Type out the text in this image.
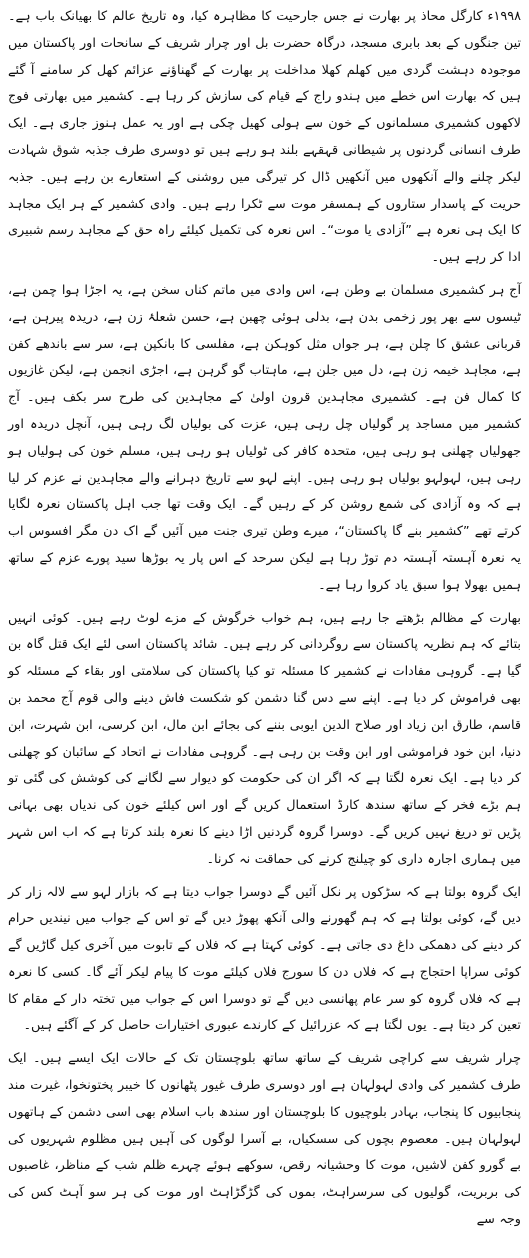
۱۹۹۸ء کارگل محاذ پر بھارت نے جس جارحیت کا مظاہرہ کیا، وہ تاریخ عالم کا بھیانک باب ہے۔ تین جنگوں کے بعد بابری مسجد، درگاہ حضرت بل اور چرار شریف کے سانحات اور پاکستان میں موجودہ دہشت گردی میں کھلم کھلا مداخلت پر بھارت کے گھناؤنے عزائم کھل کر سامنے آ گئے ہیں کہ بھارت اس خطے میں ہندو راج کے قیام کی سازش کر رہا ہے۔ کشمیر میں بھارتی فوج لاکھوں کشمیری مسلمانوں کے خون سے ہولی کھیل چکی ہے اور یہ عمل ہنوز جاری ہے۔ ایک طرف انسانی گردنوں پر شیطانی قہقہے بلند ہو رہے ہیں تو دوسری طرف جذبہ شوق شہادت لیکر چلنے والے آنکھوں میں آنکھیں ڈال کر تیرگی میں روشنی کے استعارے بن رہے ہیں۔ جذبہ حریت کے پاسدار ستاروں کے ہمسفر موت سے ٹکرا رہے ہیں۔ وادی کشمیر کے ہر ایک مجاہد کا ایک ہی نعرہ ہے ”آزادی یا موت“۔ اس نعرہ کی تکمیل کیلئے راہ حق کے مجاہد رسم شبیری ادا کر رہے ہیں۔

آج ہر کشمیری مسلمان بے وطن ہے، اس وادی میں ماتم کناں سخن ہے، یہ اجڑا ہوا چمن ہے، ٹیسوں سے بھر پور زخمی بدن ہے، بدلی ہوئی چھبن ہے، حسن شعلۂ زن ہے، دریدہ پیرہن ہے، قربانی عشق کا چلن ہے، ہر جواں مثل کوہکن ہے، مفلسی کا بانکپن ہے، سر سے باندھے کفن ہے، مجاہد خیمہ زن ہے، دل میں جلن ہے، ماہتاب گو گرہن ہے، اجڑی انجمن ہے، لیکن غازیوں کا کمال فن ہے۔ کشمیری مجاہدین قرون اولیٰ کے مجاہدین کی طرح سر بکف ہیں۔ آج کشمیر میں مساجد پر گولیاں چل رہی ہیں، عزت کی بولیاں لگ رہی ہیں، آنچل دریدہ اور جھولیاں چھلنی ہو رہی ہیں، متحدہ کافر کی ٹولیاں ہو رہی ہیں، مسلم خون کی ہولیاں ہو رہی ہیں، لہولہو بولیاں ہو رہی ہیں۔ اپنے لہو سے تاریخ دہرانے والے مجاہدین نے عزم کر لیا ہے کہ وہ آزادی کی شمع روشن کر کے رہیں گے۔ ایک وقت تھا جب اہل پاکستان نعرہ لگایا کرتے تھے ”کشمیر بنے گا پاکستان“، میرے وطن تیری جنت میں آئیں گے اک دن مگر افسوس اب یہ نعرہ آہستہ آہستہ دم توڑ رہا ہے لیکن سرحد کے اس پار یہ بوڑھا سید پورے عزم کے ساتھ ہمیں بھولا ہوا سبق یاد کروا رہا ہے۔

بھارت کے مظالم بڑھتے جا رہے ہیں، ہم خواب خرگوش کے مزے لوٹ رہے ہیں۔ کوئی انہیں بتائے کہ ہم نظریہ پاکستان سے روگردانی کر رہے ہیں۔ شائد پاکستان اسی لئے ایک قتل گاہ بن گیا ہے۔ گروہی مفادات نے کشمیر کا مسئلہ تو کیا پاکستان کی سلامتی اور بقاء کے مسئلہ کو بھی فراموش کر دیا ہے۔ اپنے سے دس گنا دشمن کو شکست فاش دینے والی قوم آج محمد بن قاسم، طارق ابن زیاد اور صلاح الدین ایوبی بننے کی بجائے ابن مال، ابن کرسی، ابن شہرت، ابن دنیا، ابن خود فراموشی اور ابن وقت بن رہی ہے۔ گروہی مفادات نے اتحاد کے سائبان کو چھلنی کر دیا ہے۔ ایک نعرہ لگتا ہے کہ اگر ان کی حکومت کو دیوار سے لگانے کی کوشش کی گئی تو ہم بڑے فخر کے ساتھ سندھ کارڈ استعمال کریں گے اور اس کیلئے خون کی ندیاں بھی بہانی پڑیں تو دریغ نہیں کریں گے۔ دوسرا گروہ گردنیں اڑا دینے کا نعرہ بلند کرتا ہے کہ اب اس شہر میں ہماری اجارہ داری کو چیلنج کرنے کی حماقت نہ کرنا۔

ایک گروہ بولتا ہے کہ سڑکوں پر نکل آئیں گے دوسرا جواب دیتا ہے کہ بازار لہو سے لالہ زار کر دیں گے، کوئی بولتا ہے کہ ہم گھورنے والی آنکھ پھوڑ دیں گے تو اس کے جواب میں نیندیں حرام کر دینے کی دھمکی داغ دی جاتی ہے۔ کوئی کہتا ہے کہ فلاں کے تابوت میں آخری کیل گاڑیں گے کوئی سراپا احتجاج ہے کہ فلاں دن کا سورج فلاں کیلئے موت کا پیام لیکر آئے گا۔ کسی کا نعرہ ہے کہ فلاں گروہ کو سر عام پھانسی دیں گے تو دوسرا اس کے جواب میں تختہ دار کے مقام کا تعین کر دیتا ہے۔ یوں لگتا ہے کہ عزرائیل کے کارندے عبوری اختیارات حاصل کر کے آگئے ہیں۔

چرار شریف سے کراچی شریف کے ساتھ ساتھ بلوچستان تک کے حالات ایک ایسے ہیں۔ ایک طرف کشمیر کی وادی لہولہان ہے اور دوسری طرف غیور پٹھانوں کا خیبر پختونخوا، غیرت مند پنجابیوں کا پنجاب، بہادر بلوچیوں کا بلوچستان اور سندھ باب اسلام بھی اسی دشمن کے ہاتھوں لہولہان ہیں۔ معصوم بچوں کی سسکیاں، بے آسرا لوگوں کی آہیں ہیں مظلوم شہریوں کی بے گورو کفن لاشیں، موت کا وحشیانہ رقص، سوکھے ہوئے چہرے ظلم شب کے مناظر، غاصبوں کی بربریت، گولیوں کی سرسراہٹ، بموں کی گڑگڑاہٹ اور موت کی ہر سو آہٹ کس کی وجہ سے
